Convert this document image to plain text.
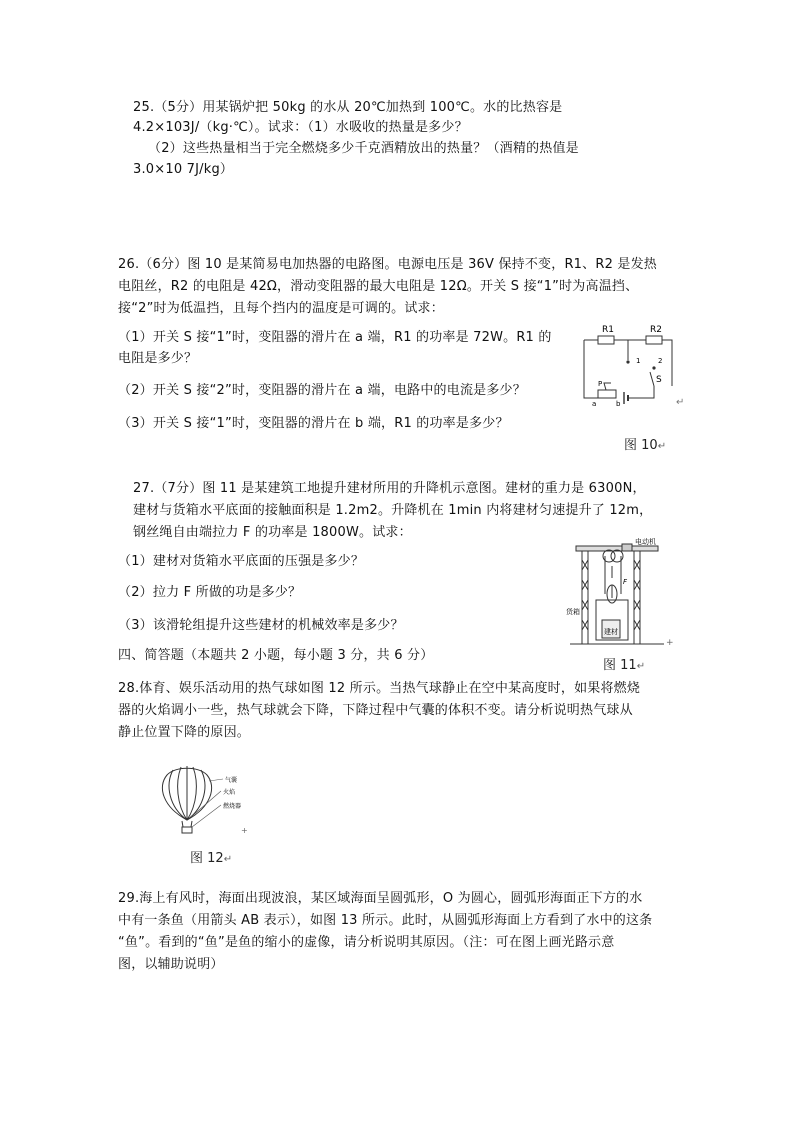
25.（5分）用某锅炉把 50kg 的水从 20℃加热到 100℃。水的比热容是
4.2×103J/（kg·℃）。试求：（1）水吸收的热量是多少？
（2）这些热量相当于完全燃烧多少千克酒精放出的热量？（酒精的热值是
3.0×10 7J/kg）
26.（6分）图 10 是某简易电加热器的电路图。电源电压是 36V 保持不变，R1、R2 是发热
电阻丝，R2 的电阻是 42Ω，滑动变阻器的最大电阻是 12Ω。开关 S 接“1”时为高温挡、
接“2”时为低温挡，且每个挡内的温度是可调的。试求：
（1）开关 S 接“1”时，变阻器的滑片在 a 端，R1 的功率是 72W。R1 的
电阻是多少？
（2）开关 S 接“2”时，变阻器的滑片在 a 端，电路中的电流是多少？
（3）开关 S 接“1”时，变阻器的滑片在 b 端，R1 的功率是多少？
R1	R2
1	2
S
P
a	b
图 10↵
↵
27.（7分）图 11 是某建筑工地提升建材所用的升降机示意图。建材的重力是 6300N，
建材与货箱水平底面的接触面积是 1.2m2。升降机在 1min 内将建材匀速提升了 12m，
钢丝绳自由端拉力 F 的功率是 1800W。试求：
（1）建材对货箱水平底面的压强是多少？
（2）拉力 F 所做的功是多少？
（3）该滑轮组提升这些建材的机械效率是多少？
电动机
货箱
建材
F
+
图 11↵
四、简答题（本题共 2 小题，每小题 3 分，共 6 分）
28.体育、娱乐活动用的热气球如图 12 所示。当热气球静止在空中某高度时，如果将燃烧
器的火焰调小一些，热气球就会下降，下降过程中气囊的体积不变。请分析说明热气球从
静止位置下降的原因。
气囊
火焰
燃烧器
+
图 12↵
29.海上有风时，海面出现波浪，某区域海面呈圆弧形，O 为圆心，圆弧形海面正下方的水
中有一条鱼（用箭头 AB 表示），如图 13 所示。此时，从圆弧形海面上方看到了水中的这条
“鱼”。看到的“鱼”是鱼的缩小的虚像，请分析说明其原因。（注：可在图上画光路示意
图，以辅助说明）
